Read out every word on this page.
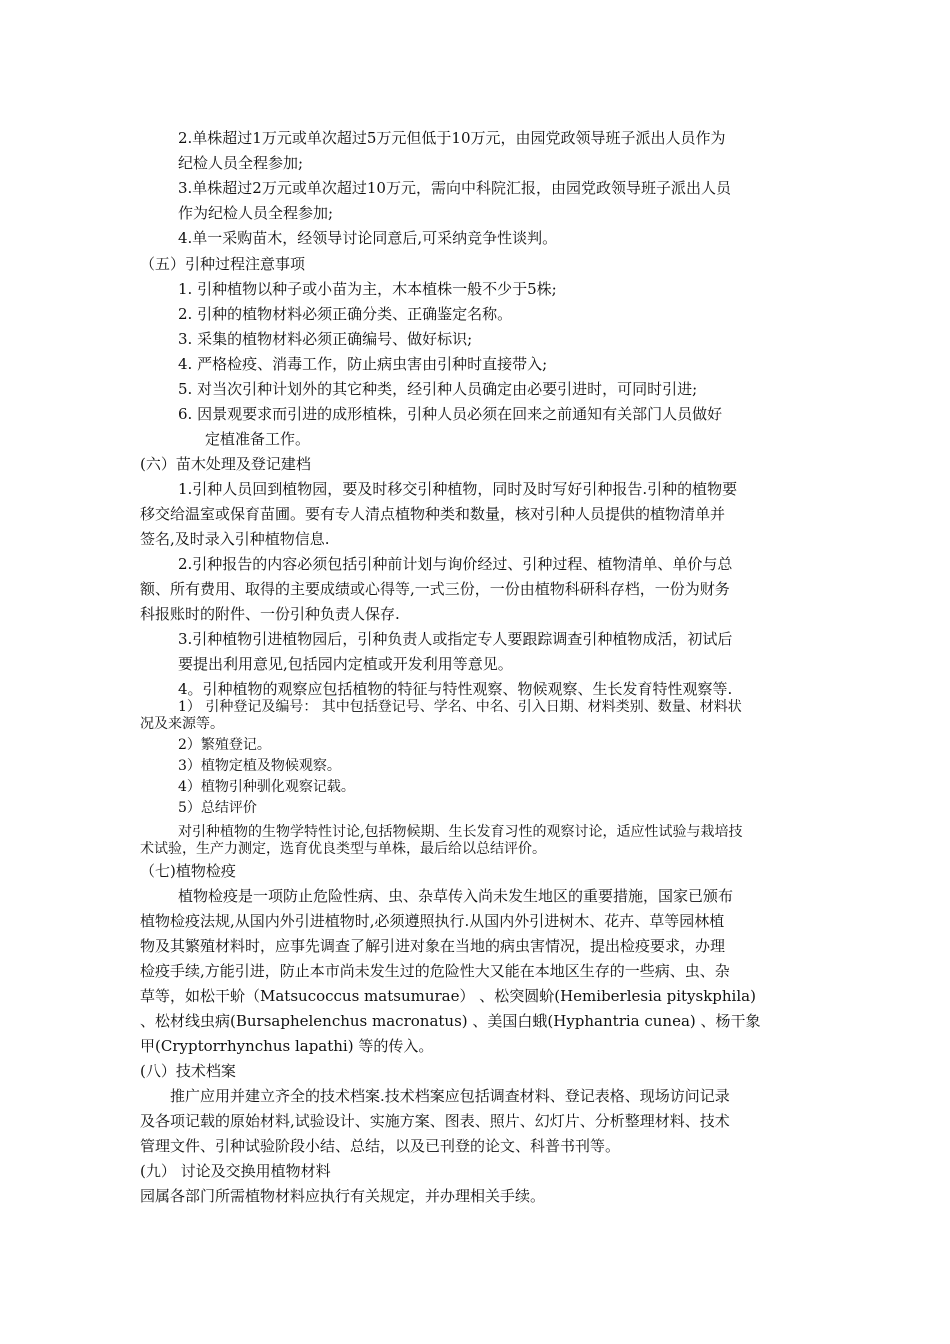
2.单株超过1万元或单次超过5万元但低于10万元，由园党政领导班子派出人员作为
纪检人员全程参加;
3.单株超过2万元或单次超过10万元，需向中科院汇报，由园党政领导班子派出人员
作为纪检人员全程参加;
4.单一采购苗木，经领导讨论同意后,可采纳竞争性谈判。
（五）引种过程注意事项
1. 引种植物以种子或小苗为主，木本植株一般不少于5株;
2. 引种的植物材料必须正确分类、正确鉴定名称。
3. 采集的植物材料必须正确编号、做好标识;
4. 严格检疫、消毒工作，防止病虫害由引种时直接带入;
5. 对当次引种计划外的其它种类，经引种人员确定由必要引进时，可同时引进;
6. 因景观要求而引进的成形植株，引种人员必须在回来之前通知有关部门人员做好
定植准备工作。
(六）苗木处理及登记建档
1.引种人员回到植物园，要及时移交引种植物，同时及时写好引种报告.引种的植物要
移交给温室或保育苗圃。要有专人清点植物种类和数量，核对引种人员提供的植物清单并
签名,及时录入引种植物信息.
2.引种报告的内容必须包括引种前计划与询价经过、引种过程、植物清单、单价与总
额、所有费用、取得的主要成绩或心得等,一式三份，一份由植物科研科存档，一份为财务
科报账时的附件、一份引种负责人保存.
3.引种植物引进植物园后，引种负责人或指定专人要跟踪调查引种植物成活，初试后
要提出利用意见,包括园内定植或开发利用等意见。
4。引种植物的观察应包括植物的特征与特性观察、物候观察、生长发育特性观察等.
1） 引种登记及编号： 其中包括登记号、学名、中名、引入日期、材料类别、数量、材料状
况及来源等。
2）繁殖登记。
3）植物定植及物候观察。
4）植物引种驯化观察记载。
5）总结评价
对引种植物的生物学特性讨论,包括物候期、生长发育习性的观察讨论，适应性试验与栽培技
术试验，生产力测定，选育优良类型与单株，最后给以总结评价。
（七)植物检疫
植物检疫是一项防止危险性病、虫、杂草传入尚未发生地区的重要措施，国家已颁布
植物检疫法规,从国内外引进植物时,必须遵照执行.从国内外引进树木、花卉、草等园林植
物及其繁殖材料时，应事先调查了解引进对象在当地的病虫害情况，提出检疫要求，办理
检疫手续,方能引进，防止本市尚未发生过的危险性大又能在本地区生存的一些病、虫、杂
草等，如松干蚧（Matsucoccus matsumurae） 、松突圆蚧(Hemiberlesia pityskphila)
、松材线虫病(Bursaphelenchus macronatus) 、美国白蛾(Hyphantria cunea) 、杨干象
甲(Cryptorrhynchus lapathi) 等的传入。
(八）技术档案
推广应用并建立齐全的技术档案.技术档案应包括调查材料、登记表格、现场访问记录
及各项记载的原始材料,试验设计、实施方案、图表、照片、幻灯片、分析整理材料、技术
管理文件、引种试验阶段小结、总结，以及已刊登的论文、科普书刊等。
(九） 讨论及交换用植物材料
园属各部门所需植物材料应执行有关规定，并办理相关手续。
